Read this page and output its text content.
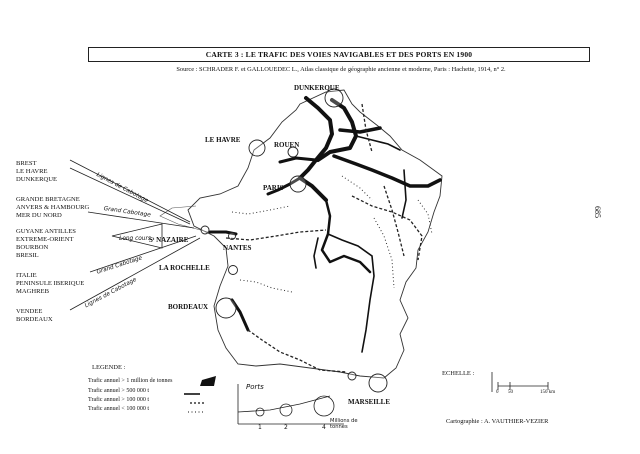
CARTE 3 : LE TRAFIC DES VOIES NAVIGABLES ET DES PORTS EN 1900
Source : SCHRADER F. et GALLOUEDEC L., Atlas classique de géographie ancienne et moderne, Paris : Hachette, 1914, n° 2.
685
DUNKERQUE
LE HAVRE
ROUEN
PARIS
Sᵗ NAZAIRE
NANTES
LA ROCHELLE
BORDEAUX
MARSEILLE
BREST
LE HAVRE
DUNKERQUE
GRANDE BRETAGNE
ANVERS & HAMBOURG
MER DU NORD
GUYANE ANTILLES
EXTREME-ORIENT
BOURBON
BRESIL
ITALIE
PENINSULE IBERIQUE
MAGHREB
VENDEE
BORDEAUX
Lignes de Cabotage
Grand Cabotage
Long cours
Grand Cabotage
Lignes de Cabotage
LEGENDE :
Trafic annuel > 1 million de tonnes
Trafic annuel > 500 000 t
Trafic annuel > 100 000 t
Trafic annuel < 100 000 t
Ports
1	2	4
Millions de tonnes
ECHELLE :
0 50	150 km
Cartographie : A. VAUTHIER-VEZIER
